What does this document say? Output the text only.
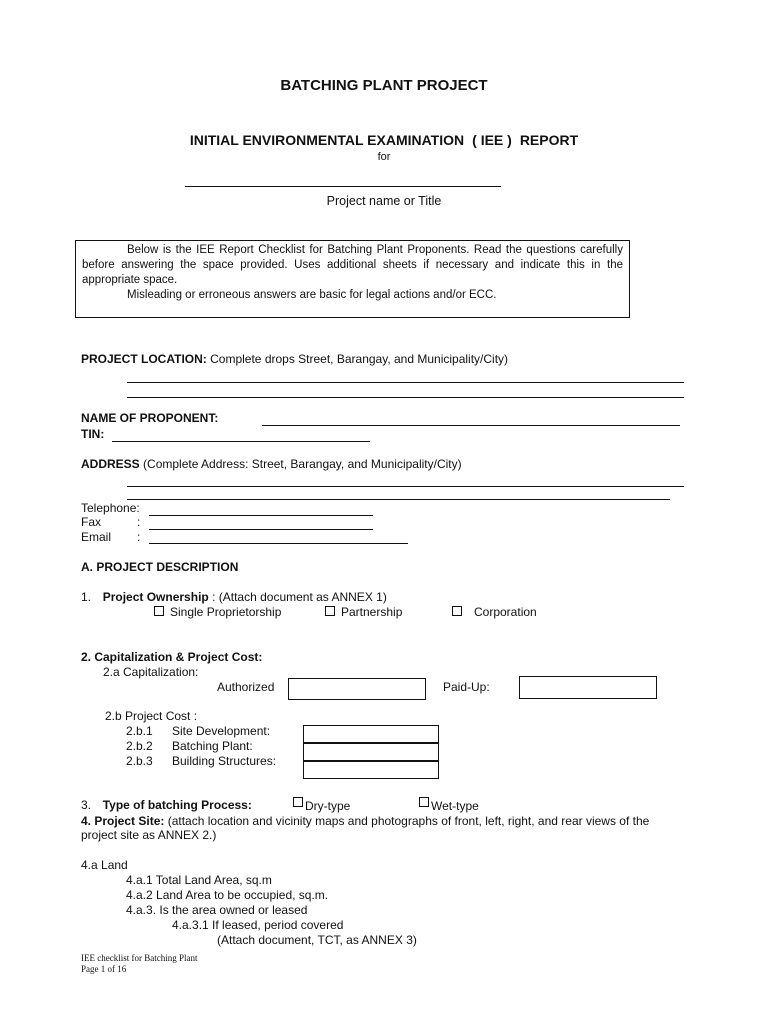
BATCHING PLANT PROJECT
INITIAL ENVIRONMENTAL EXAMINATION ( IEE ) REPORT
for
Project name or Title

Below is the IEE Report Checklist for Batching Plant Proponents. Read the questions carefully before answering the space provided. Uses additional sheets if necessary and indicate this in the appropriate space.

Misleading or erroneous answers are basic for legal actions and/or ECC.

PROJECT LOCATION: Complete drops Street, Barangay, and Municipality/City)
NAME OF PROPONENT:
TIN:
ADDRESS (Complete Address: Street, Barangay, and Municipality/City)
Telephone:
Fax	:
Email :
A. PROJECT DESCRIPTION
1. Project Ownership : (Attach document as ANNEX 1)
Single Proprietorship	Partnership	Corporation
2. Capitalization & Project Cost:
2.a Capitalization:
Authorized	Paid-Up:
2.b Project Cost :
2.b.1 Site Development:
2.b.2 Batching Plant:
2.b.3 Building Structures:
3. Type of batching Process:	Dry-type	Wet-type
4. Project Site: (attach location and vicinity maps and photographs of front, left, right, and rear views of the
project site as ANNEX 2.)
4.a Land
4.a.1 Total Land Area, sq.m
4.a.2 Land Area to be occupied, sq.m.
4.a.3. Is the area owned or leased
4.a.3.1 If leased, period covered
(Attach document, TCT, as ANNEX 3)
IEE checklist for Batching Plant
Page 1 of 16
